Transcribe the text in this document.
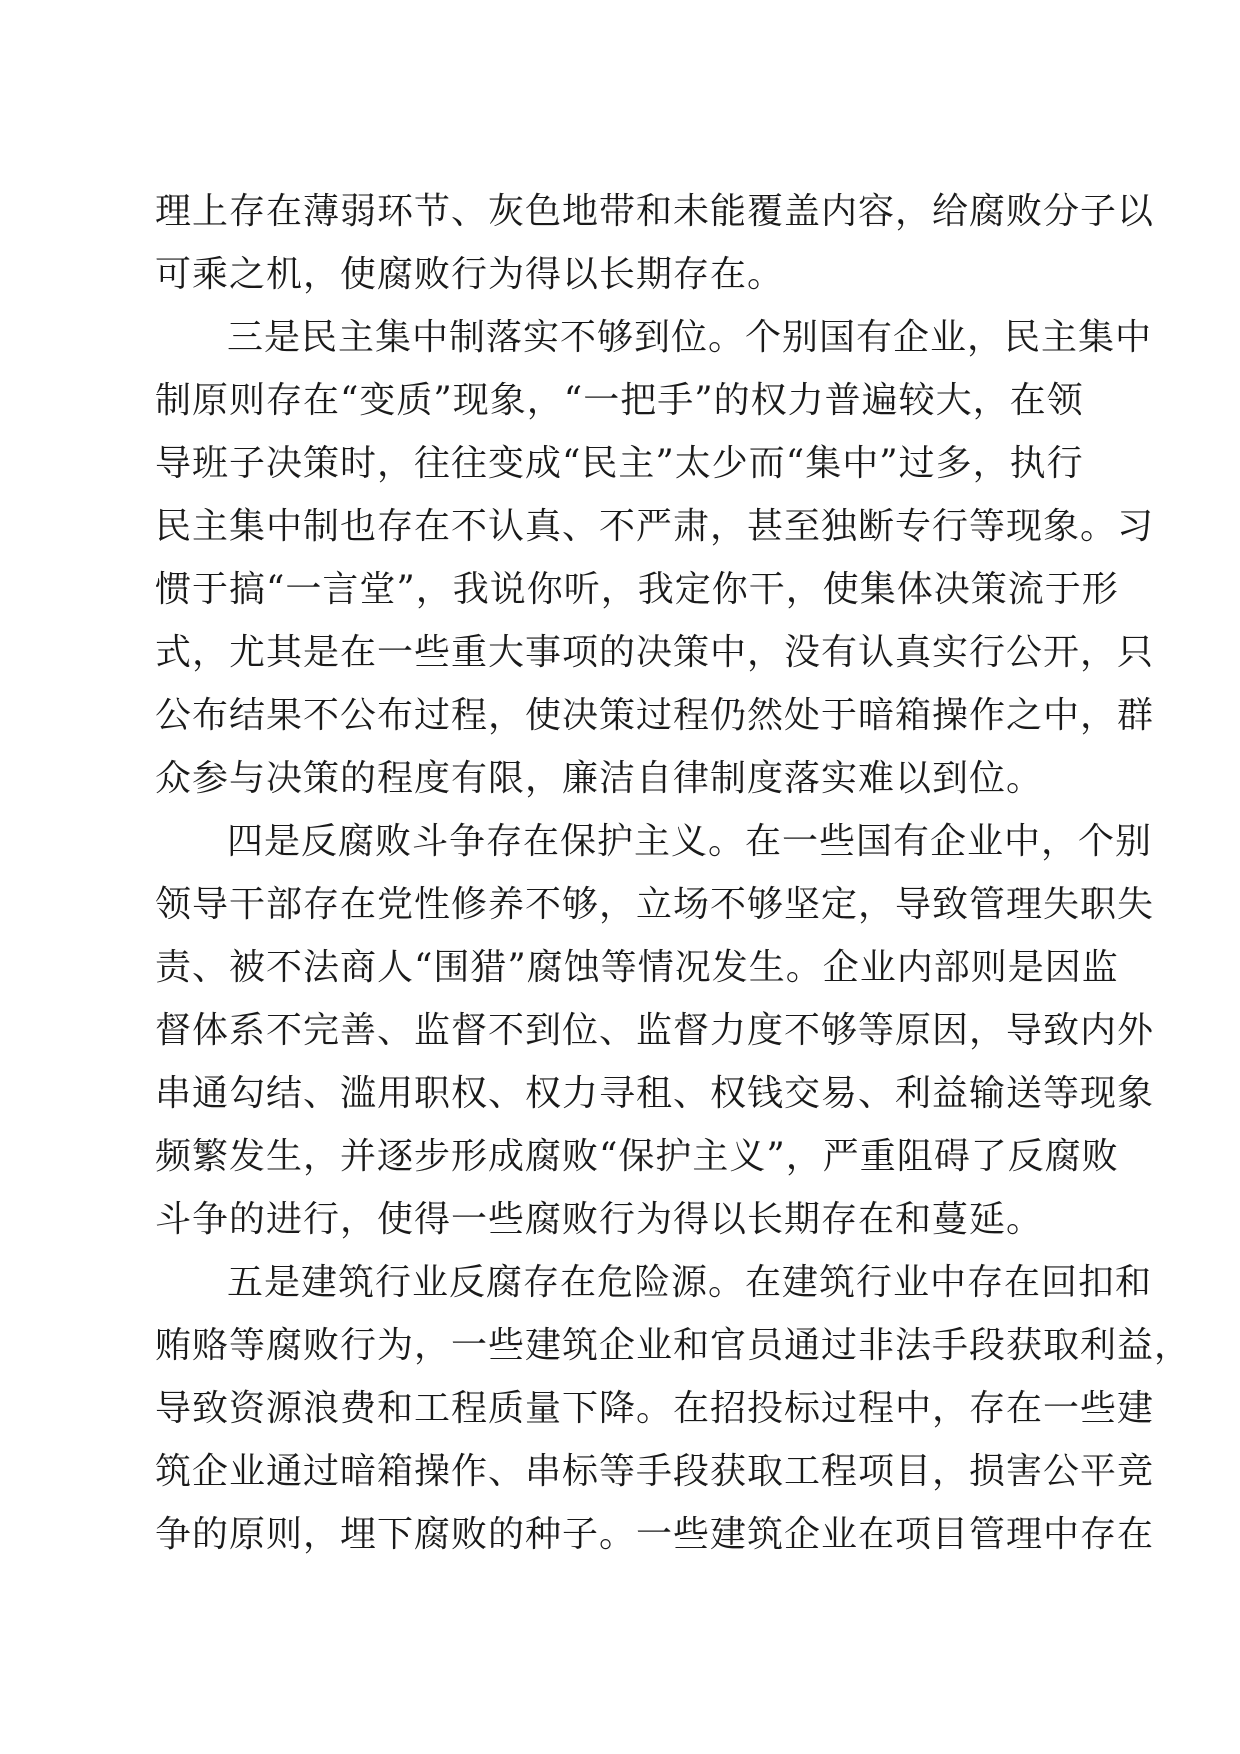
理上存在薄弱环节、灰色地带和未能覆盖内容，给腐败分子以
可乘之机，使腐败行为得以长期存在。
三是民主集中制落实不够到位。个别国有企业，民主集中
制原则存在“变质”现象，“一把手”的权力普遍较大，在领
导班子决策时，往往变成“民主”太少而“集中”过多，执行
民主集中制也存在不认真、不严肃，甚至独断专行等现象。习
惯于搞“一言堂”，我说你听，我定你干，使集体决策流于形
式，尤其是在一些重大事项的决策中，没有认真实行公开，只
公布结果不公布过程，使决策过程仍然处于暗箱操作之中，群
众参与决策的程度有限，廉洁自律制度落实难以到位。
四是反腐败斗争存在保护主义。在一些国有企业中，个别
领导干部存在党性修养不够，立场不够坚定，导致管理失职失
责、被不法商人“围猎”腐蚀等情况发生。企业内部则是因监
督体系不完善、监督不到位、监督力度不够等原因，导致内外
串通勾结、滥用职权、权力寻租、权钱交易、利益输送等现象
频繁发生，并逐步形成腐败“保护主义”，严重阻碍了反腐败
斗争的进行，使得一些腐败行为得以长期存在和蔓延。
五是建筑行业反腐存在危险源。在建筑行业中存在回扣和
贿赂等腐败行为，一些建筑企业和官员通过非法手段获取利益，
导致资源浪费和工程质量下降。在招投标过程中，存在一些建
筑企业通过暗箱操作、串标等手段获取工程项目，损害公平竞
争的原则，埋下腐败的种子。一些建筑企业在项目管理中存在
